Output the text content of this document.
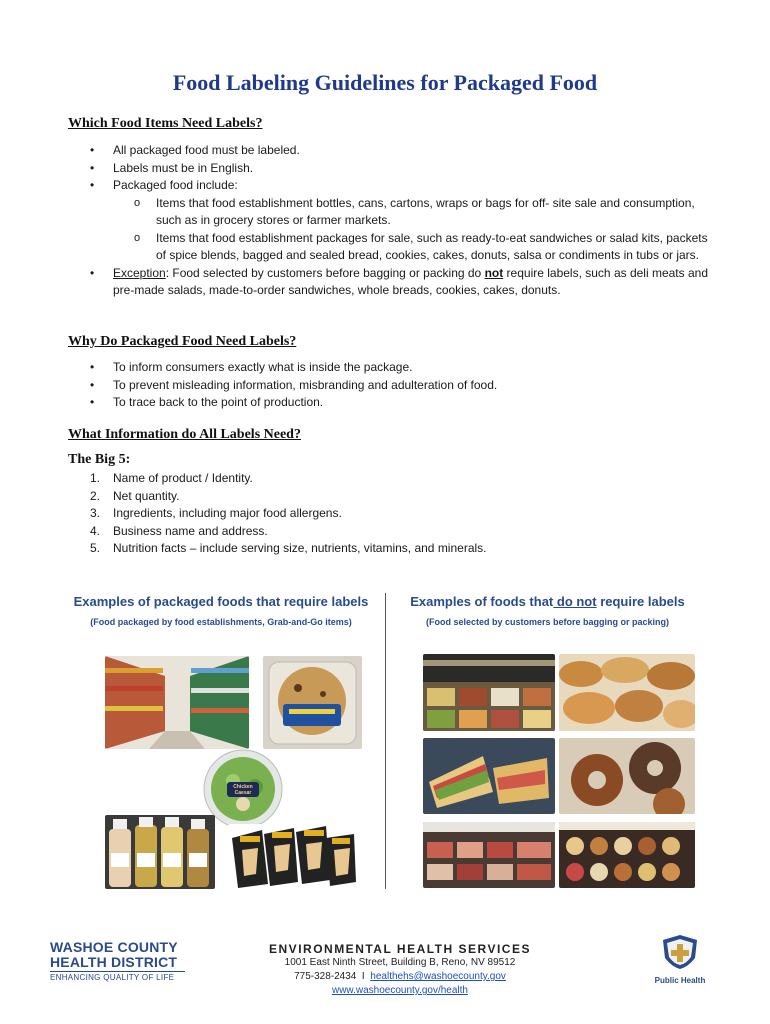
Food Labeling Guidelines for Packaged Food
Which Food Items Need Labels?
• All packaged food must be labeled.
• Labels must be in English.
• Packaged food include:
o Items that food establishment bottles, cans, cartons, wraps or bags for off- site sale and consumption, such as in grocery stores or farmer markets.
o Items that food establishment packages for sale, such as ready-to-eat sandwiches or salad kits, packets of spice blends, bagged and sealed bread, cookies, cakes, donuts, salsa or condiments in tubs or jars.
• Exception: Food selected by customers before bagging or packing do not require labels, such as deli meats and pre-made salads, made-to-order sandwiches, whole breads, cookies, cakes, donuts.
Why Do Packaged Food Need Labels?
• To inform consumers exactly what is inside the package.
• To prevent misleading information, misbranding and adulteration of food.
• To trace back to the point of production.
What Information do All Labels Need?
The Big 5:
1. Name of product / Identity.
2. Net quantity.
3. Ingredients, including major food allergens.
4. Business name and address.
5. Nutrition facts – include serving size, nutrients, vitamins, and minerals.
Examples of packaged foods that require labels
(Food packaged by food establishments, Grab-and-Go items)
Examples of foods that do not require labels
(Food selected by customers before bagging or packing)
Chicken Caesar
WASHOE COUNTY
HEALTH DISTRICT
ENHANCING QUALITY OF LIFE
ENVIRONMENTAL HEALTH SERVICES
1001 East Ninth Street, Building B, Reno, NV 89512
775-328-2434  I  healthehs@washoecounty.gov
www.washoecounty.gov/health
Public Health
